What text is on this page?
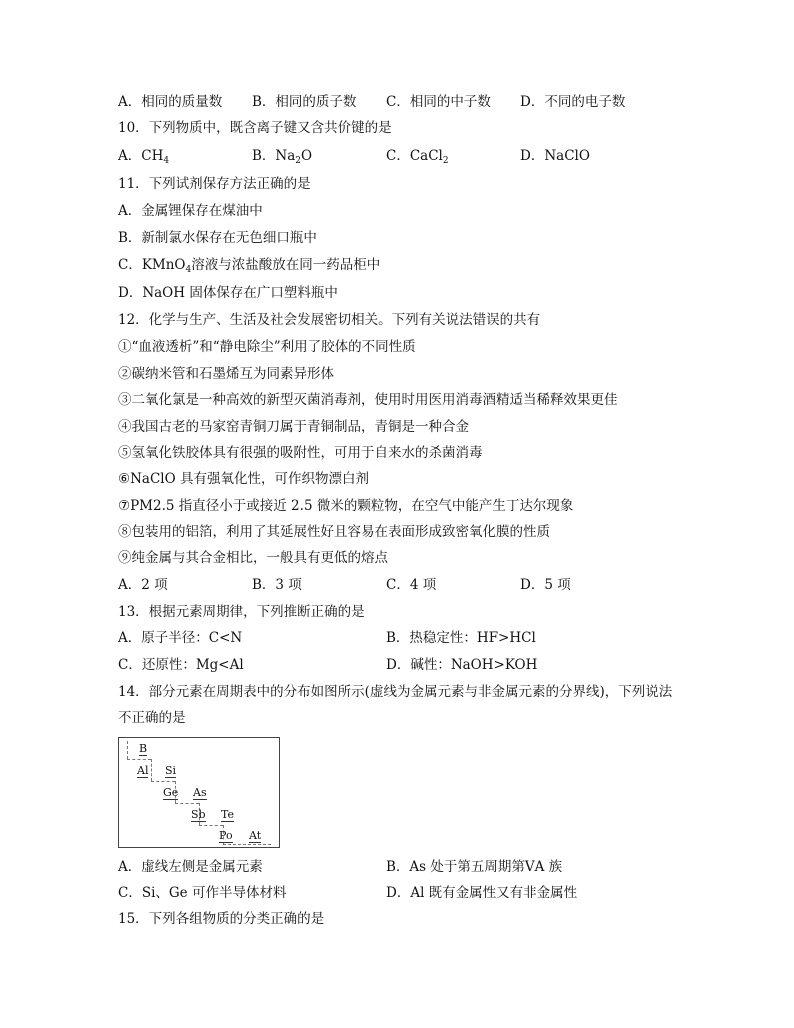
A．相同的质量数 B．相同的质子数 C．相同的中子数 D．不同的电子数
10．下列物质中，既含离子键又含共价键的是
A．$CH_4$	B．$Na_2O$	C．CaCl$_2$	D．NaClO
11．下列试剂保存方法正确的是
A．金属锂保存在煤油中
B．新制氯水保存在无色细口瓶中
C．KMnO$_4$溶液与浓盐酸放在同一药品柜中
D．NaOH 固体保存在广口塑料瓶中
12．化学与生产、生活及社会发展密切相关。下列有关说法错误的共有
①“血液透析”和“静电除尘”利用了胶体的不同性质
②碳纳米管和石墨烯互为同素异形体
③二氧化氯是一种高效的新型灭菌消毒剂，使用时用医用消毒酒精适当稀释效果更佳
④我国古老的马家窑青铜刀属于青铜制品，青铜是一种合金
⑤氢氧化铁胶体具有很强的吸附性，可用于自来水的杀菌消毒
⑥NaClO 具有强氧化性，可作织物漂白剂
⑦PM2.5 指直径小于或接近 2.5 微米的颗粒物，在空气中能产生丁达尔现象
⑧包装用的铝箔，利用了其延展性好且容易在表面形成致密氧化膜的性质
⑨纯金属与其合金相比，一般具有更低的熔点
A．2 项	B．3 项	C．4 项	D．5 项
13．根据元素周期律，下列推断正确的是
A．原子半径：C<N	B．热稳定性：HF>HCl
C．还原性：Mg<Al	D．碱性：NaOH>KOH
14．部分元素在周期表中的分布如图所示(虚线为金属元素与非金属元素的分界线)，下列说法
不正确的是
B
Al Si
Ge As
Sb Te
Po At
A．虚线左侧是金属元素	B．As 处于第五周期第ⅤA 族
C．Si、Ge 可作半导体材料	D．Al 既有金属性又有非金属性
15．下列各组物质的分类正确的是
